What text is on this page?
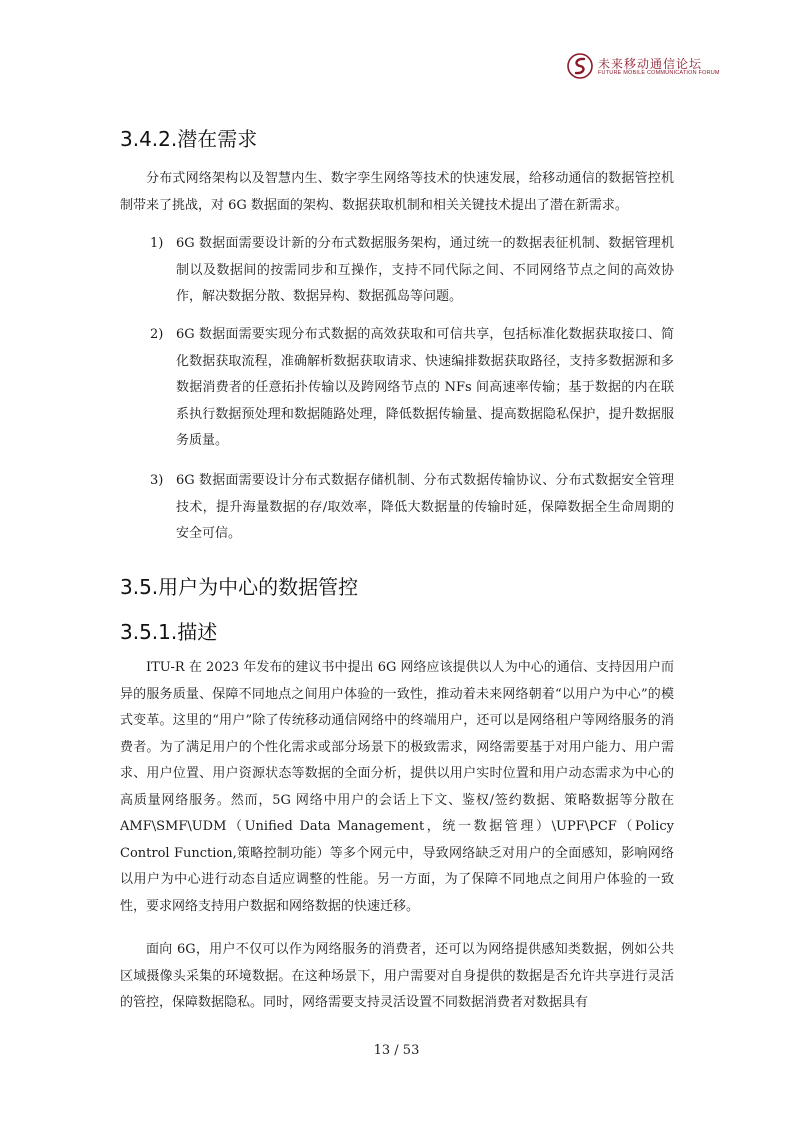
未来移动通信论坛
FUTURE MOBILE COMMUNICATION FORUM
3.4.2.潜在需求

分布式网络架构以及智慧内生、数字孪生网络等技术的快速发展，给移动通信的数据管控机制带来了挑战，对 6G 数据面的架构、数据获取机制和相关关键技术提出了潜在新需求。

1) 6G 数据面需要设计新的分布式数据服务架构，通过统一的数据表征机制、数据管理机制以及数据间的按需同步和互操作，支持不同代际之间、不同网络节点之间的高效协作，解决数据分散、数据异构、数据孤岛等问题。
2) 6G 数据面需要实现分布式数据的高效获取和可信共享，包括标准化数据获取接口、简化数据获取流程，准确解析数据获取请求、快速编排数据获取路径，支持多数据源和多数据消费者的任意拓扑传输以及跨网络节点的 NFs 间高速率传输；基于数据的内在联系执行数据预处理和数据随路处理，降低数据传输量、提高数据隐私保护，提升数据服务质量。
3) 6G 数据面需要设计分布式数据存储机制、分布式数据传输协议、分布式数据安全管理技术，提升海量数据的存/取效率，降低大数据量的传输时延，保障数据全生命周期的安全可信。
3.5.用户为中心的数据管控
3.5.1.描述

ITU-R 在 2023 年发布的建议书中提出 6G 网络应该提供以人为中心的通信、支持因用户而异的服务质量、保障不同地点之间用户体验的一致性，推动着未来网络朝着“以用户为中心”的模式变革。这里的“用户”除了传统移动通信网络中的终端用户，还可以是网络租户等网络服务的消费者。为了满足用户的个性化需求或部分场景下的极致需求，网络需要基于对用户能力、用户需求、用户位置、用户资源状态等数据的全面分析，提供以用户实时位置和用户动态需求为中心的高质量网络服务。然而，5G 网络中用户的会话上下文、鉴权/签约数据、策略数据等分散在 AMF\SMF\UDM（Unified Data Management，统一数据管理）\UPF\PCF（Policy Control Function,策略控制功能）等多个网元中，导致网络缺乏对用户的全面感知，影响网络以用户为中心进行动态自适应调整的性能。另一方面，为了保障不同地点之间用户体验的一致性，要求网络支持用户数据和网络数据的快速迁移。

面向 6G，用户不仅可以作为网络服务的消费者，还可以为网络提供感知类数据，例如公共区域摄像头采集的环境数据。在这种场景下，用户需要对自身提供的数据是否允许共享进行灵活的管控，保障数据隐私。同时，网络需要支持灵活设置不同数据消费者对数据具有

13 / 53
